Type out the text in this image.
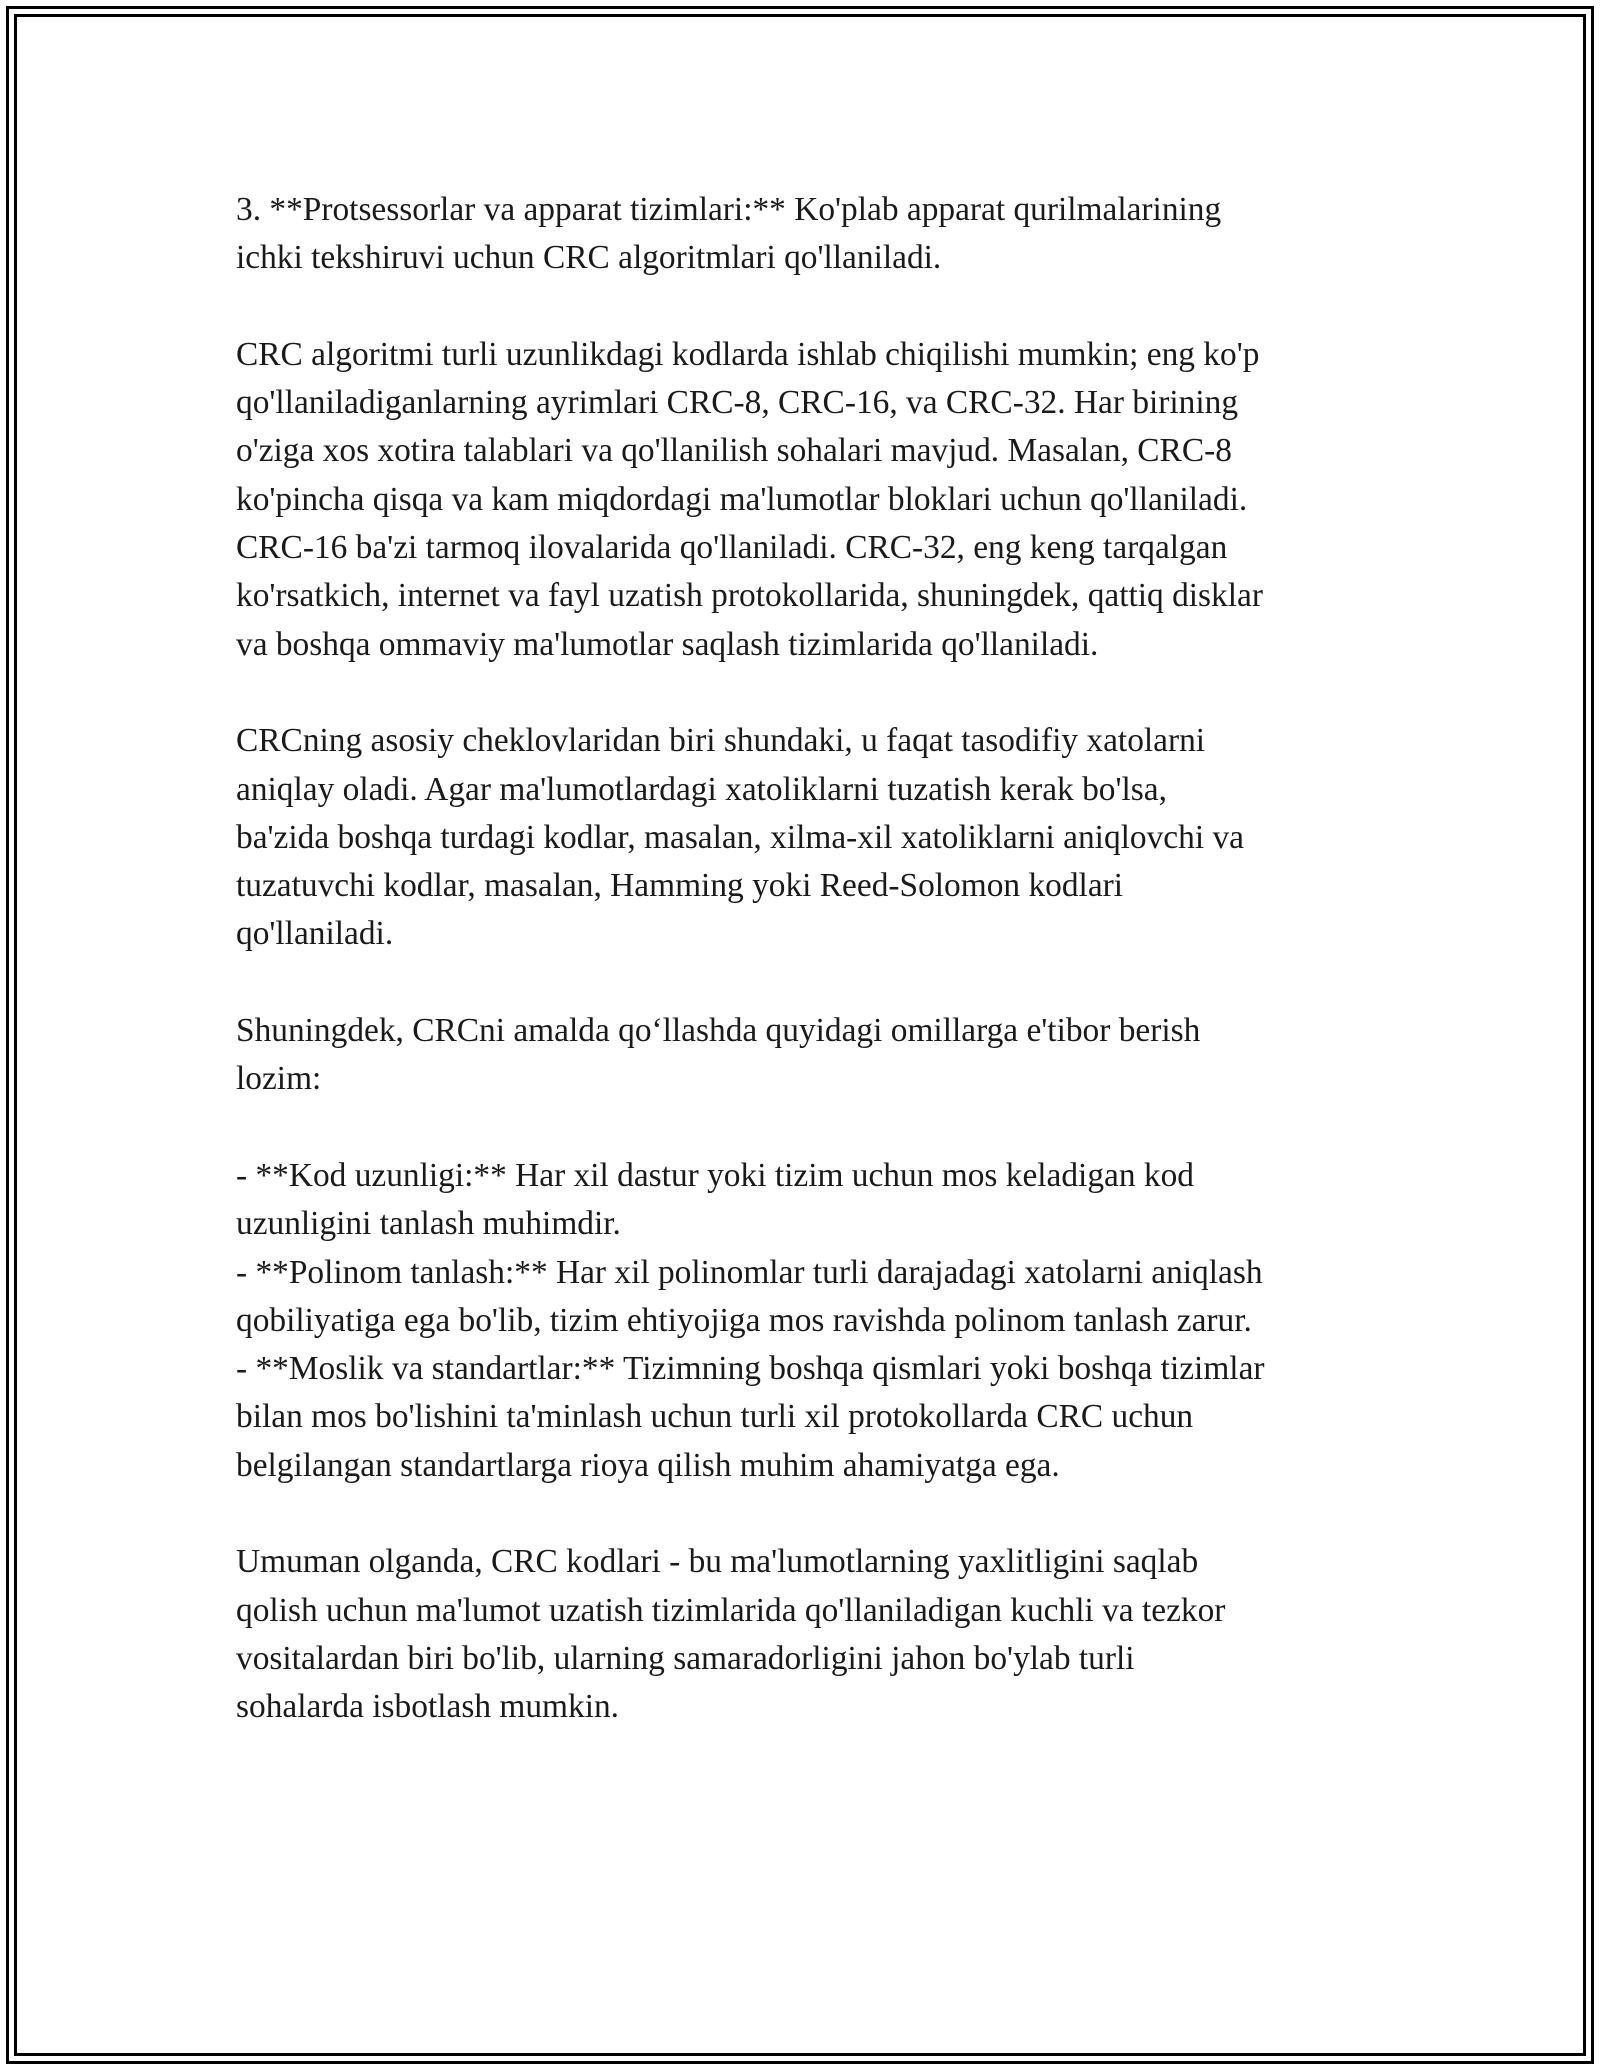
3. **Protsessorlar va apparat tizimlari:** Ko'plab apparat qurilmalarining
ichki tekshiruvi uchun CRC algoritmlari qo'llaniladi.

CRC algoritmi turli uzunlikdagi kodlarda ishlab chiqilishi mumkin; eng ko'p
qo'llaniladiganlarning ayrimlari CRC-8, CRC-16, va CRC-32. Har birining
o'ziga xos xotira talablari va qo'llanilish sohalari mavjud. Masalan, CRC-8
ko'pincha qisqa va kam miqdordagi ma'lumotlar bloklari uchun qo'llaniladi.
CRC-16 ba'zi tarmoq ilovalarida qo'llaniladi. CRC-32, eng keng tarqalgan
ko'rsatkich, internet va fayl uzatish protokollarida, shuningdek, qattiq disklar
va boshqa ommaviy ma'lumotlar saqlash tizimlarida qo'llaniladi.

CRCning asosiy cheklovlaridan biri shundaki, u faqat tasodifiy xatolarni
aniqlay oladi. Agar ma'lumotlardagi xatoliklarni tuzatish kerak bo'lsa,
ba'zida boshqa turdagi kodlar, masalan, xilma-xil xatoliklarni aniqlovchi va
tuzatuvchi kodlar, masalan, Hamming yoki Reed-Solomon kodlari
qo'llaniladi.

Shuningdek, CRCni amalda qo‘llashda quyidagi omillarga e'tibor berish
lozim:

- **Kod uzunligi:** Har xil dastur yoki tizim uchun mos keladigan kod
uzunligini tanlash muhimdir.

- **Polinom tanlash:** Har xil polinomlar turli darajadagi xatolarni aniqlash
qobiliyatiga ega bo'lib, tizim ehtiyojiga mos ravishda polinom tanlash zarur.

- **Moslik va standartlar:** Tizimning boshqa qismlari yoki boshqa tizimlar
bilan mos bo'lishini ta'minlash uchun turli xil protokollarda CRC uchun
belgilangan standartlarga rioya qilish muhim ahamiyatga ega.

Umuman olganda, CRC kodlari - bu ma'lumotlarning yaxlitligini saqlab
qolish uchun ma'lumot uzatish tizimlarida qo'llaniladigan kuchli va tezkor
vositalardan biri bo'lib, ularning samaradorligini jahon bo'ylab turli
sohalarda isbotlash mumkin.
